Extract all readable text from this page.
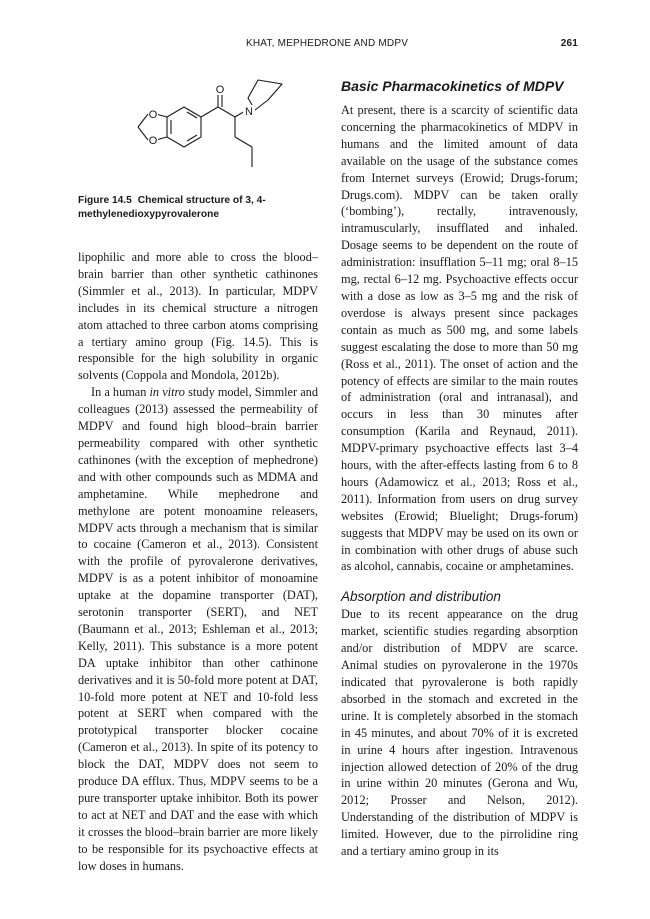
KHAT, MEPHEDRONE AND MDPV	261
O
O
O
N
Figure 14.5 Chemical structure of 3, 4-methylenedioxypyrovalerone

lipophilic and more able to cross the blood–brain barrier than other synthetic cathinones (Simmler et al., 2013). In particular, MDPV includes in its chemical structure a nitrogen atom attached to three carbon atoms comprising a tertiary amino group (Fig. 14.5). This is responsible for the high solubility in organic solvents (Coppola and Mondola, 2012b).

In a human in vitro study model, Simmler and colleagues (2013) assessed the permeability of MDPV and found high blood–brain barrier permeability compared with other synthetic cathinones (with the exception of mephedrone) and with other compounds such as MDMA and amphetamine. While mephedrone and methylone are potent monoamine releasers, MDPV acts through a mechanism that is similar to cocaine (Cameron et al., 2013). Consistent with the profile of pyrovalerone derivatives, MDPV is as a potent inhibitor of monoamine uptake at the dopamine transporter (DAT), serotonin transporter (SERT), and NET (Baumann et al., 2013; Eshleman et al., 2013; Kelly, 2011). This substance is a more potent DA uptake inhibitor than other cathinone derivatives and it is 50-fold more potent at DAT, 10-fold more potent at NET and 10-fold less potent at SERT when compared with the prototypical transporter blocker cocaine (Cameron et al., 2013). In spite of its potency to block the DAT, MDPV does not seem to produce DA efflux. Thus, MDPV seems to be a pure transporter uptake inhibitor. Both its power to act at NET and DAT and the ease with which it crosses the blood–brain barrier are more likely to be responsible for its psychoactive effects at low doses in humans.

Basic Pharmacokinetics of MDPV

At present, there is a scarcity of scientific data concerning the pharmacokinetics of MDPV in humans and the limited amount of data available on the usage of the substance comes from Internet surveys (Erowid; Drugs-forum; Drugs.com). MDPV can be taken orally (‘bombing’), rectally, intravenously, intramuscularly, insufflated and inhaled. Dosage seems to be dependent on the route of administration: insufflation 5–11 mg; oral 8–15 mg, rectal 6–12 mg. Psychoactive effects occur with a dose as low as 3–5 mg and the risk of overdose is always present since packages contain as much as 500 mg, and some labels suggest escalating the dose to more than 50 mg (Ross et al., 2011). The onset of action and the potency of effects are similar to the main routes of administration (oral and intranasal), and occurs in less than 30 minutes after consumption (Karila and Reynaud, 2011). MDPV-primary psychoactive effects last 3–4 hours, with the after-effects lasting from 6 to 8 hours (Adamowicz et al., 2013; Ross et al., 2011). Information from users on drug survey websites (Erowid; Bluelight; Drugs-forum) suggests that MDPV may be used on its own or in combination with other drugs of abuse such as alcohol, cannabis, cocaine or amphetamines.

Absorption and distribution

Due to its recent appearance on the drug market, scientific studies regarding absorption and/or distribution of MDPV are scarce. Animal studies on pyrovalerone in the 1970s indicated that pyrovalerone is both rapidly absorbed in the stomach and excreted in the urine. It is completely absorbed in the stomach in 45 minutes, and about 70% of it is excreted in urine 4 hours after ingestion. Intravenous injection allowed detection of 20% of the drug in urine within 20 minutes (Gerona and Wu, 2012; Prosser and Nelson, 2012). Understanding of the distribution of MDPV is limited. However, due to the pirrolidine ring and a tertiary amino group in its
